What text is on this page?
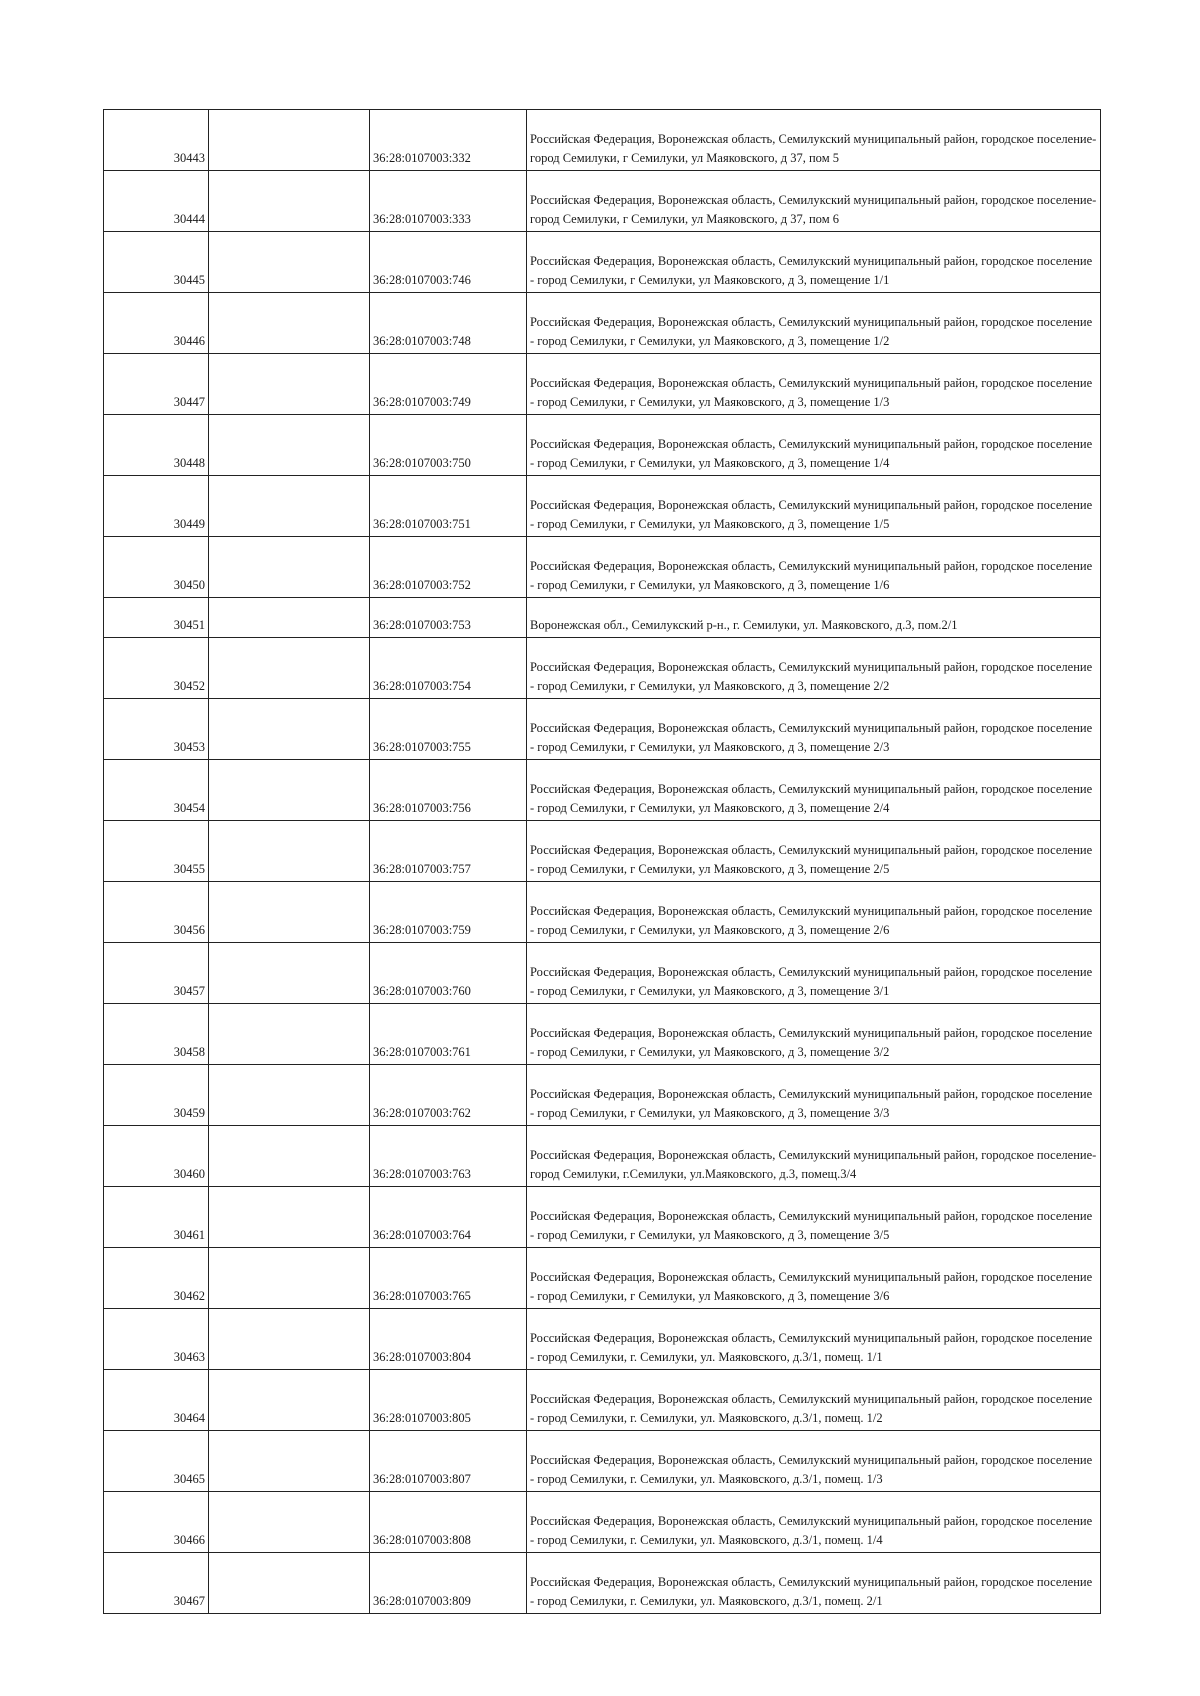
30443		36:28:0107003:332	Российская Федерация, Воронежская область, Семилукский муниципальный район, городское поселение-город Семилуки, г Семилуки, ул Маяковского, д 37, пом 5

30444		36:28:0107003:333	Российская Федерация, Воронежская область, Семилукский муниципальный район, городское поселение-город Семилуки, г Семилуки, ул Маяковского, д 37, пом 6

30445		36:28:0107003:746	Российская Федерация, Воронежская область, Семилукский муниципальный район, городское поселение - город Семилуки, г Семилуки, ул Маяковского, д 3, помещение 1/1

30446		36:28:0107003:748	Российская Федерация, Воронежская область, Семилукский муниципальный район, городское поселение - город Семилуки, г Семилуки, ул Маяковского, д 3, помещение 1/2

30447		36:28:0107003:749	Российская Федерация, Воронежская область, Семилукский муниципальный район, городское поселение - город Семилуки, г Семилуки, ул Маяковского, д 3, помещение 1/3

30448		36:28:0107003:750	Российская Федерация, Воронежская область, Семилукский муниципальный район, городское поселение - город Семилуки, г Семилуки, ул Маяковского, д 3, помещение 1/4

30449		36:28:0107003:751	Российская Федерация, Воронежская область, Семилукский муниципальный район, городское поселение - город Семилуки, г Семилуки, ул Маяковского, д 3, помещение 1/5

30450		36:28:0107003:752	Российская Федерация, Воронежская область, Семилукский муниципальный район, городское поселение - город Семилуки, г Семилуки, ул Маяковского, д 3, помещение 1/6

30451		36:28:0107003:753	Воронежская обл., Семилукский р-н., г. Семилуки, ул. Маяковского, д.3, пом.2/1

30452		36:28:0107003:754	Российская Федерация, Воронежская область, Семилукский муниципальный район, городское поселение - город Семилуки, г Семилуки, ул Маяковского, д 3, помещение 2/2

30453		36:28:0107003:755	Российская Федерация, Воронежская область, Семилукский муниципальный район, городское поселение - город Семилуки, г Семилуки, ул Маяковского, д 3, помещение 2/3

30454		36:28:0107003:756	Российская Федерация, Воронежская область, Семилукский муниципальный район, городское поселение - город Семилуки, г Семилуки, ул Маяковского, д 3, помещение 2/4

30455		36:28:0107003:757	Российская Федерация, Воронежская область, Семилукский муниципальный район, городское поселение - город Семилуки, г Семилуки, ул Маяковского, д 3, помещение 2/5

30456		36:28:0107003:759	Российская Федерация, Воронежская область, Семилукский муниципальный район, городское поселение - город Семилуки, г Семилуки, ул Маяковского, д 3, помещение 2/6

30457		36:28:0107003:760	Российская Федерация, Воронежская область, Семилукский муниципальный район, городское поселение - город Семилуки, г Семилуки, ул Маяковского, д 3, помещение 3/1

30458		36:28:0107003:761	Российская Федерация, Воронежская область, Семилукский муниципальный район, городское поселение - город Семилуки, г Семилуки, ул Маяковского, д 3, помещение 3/2

30459		36:28:0107003:762	Российская Федерация, Воронежская область, Семилукский муниципальный район, городское поселение - город Семилуки, г Семилуки, ул Маяковского, д 3, помещение 3/3

30460		36:28:0107003:763	Российская Федерация, Воронежская область, Семилукский муниципальный район, городское поселение-город Семилуки, г.Семилуки, ул.Маяковского, д.3, помещ.3/4

30461		36:28:0107003:764	Российская Федерация, Воронежская область, Семилукский муниципальный район, городское поселение - город Семилуки, г Семилуки, ул Маяковского, д 3, помещение 3/5

30462		36:28:0107003:765	Российская Федерация, Воронежская область, Семилукский муниципальный район, городское поселение - город Семилуки, г Семилуки, ул Маяковского, д 3, помещение 3/6

30463		36:28:0107003:804	Российская Федерация, Воронежская область, Семилукский муниципальный район, городское поселение - город Семилуки, г. Семилуки, ул. Маяковского, д.3/1, помещ. 1/1

30464		36:28:0107003:805	Российская Федерация, Воронежская область, Семилукский муниципальный район, городское поселение - город Семилуки, г. Семилуки, ул. Маяковского, д.3/1, помещ. 1/2

30465		36:28:0107003:807	Российская Федерация, Воронежская область, Семилукский муниципальный район, городское поселение - город Семилуки, г. Семилуки, ул. Маяковского, д.3/1, помещ. 1/3

30466		36:28:0107003:808	Российская Федерация, Воронежская область, Семилукский муниципальный район, городское поселение - город Семилуки, г. Семилуки, ул. Маяковского, д.3/1, помещ. 1/4

30467		36:28:0107003:809	Российская Федерация, Воронежская область, Семилукский муниципальный район, городское поселение - город Семилуки, г. Семилуки, ул. Маяковского, д.3/1, помещ. 2/1
